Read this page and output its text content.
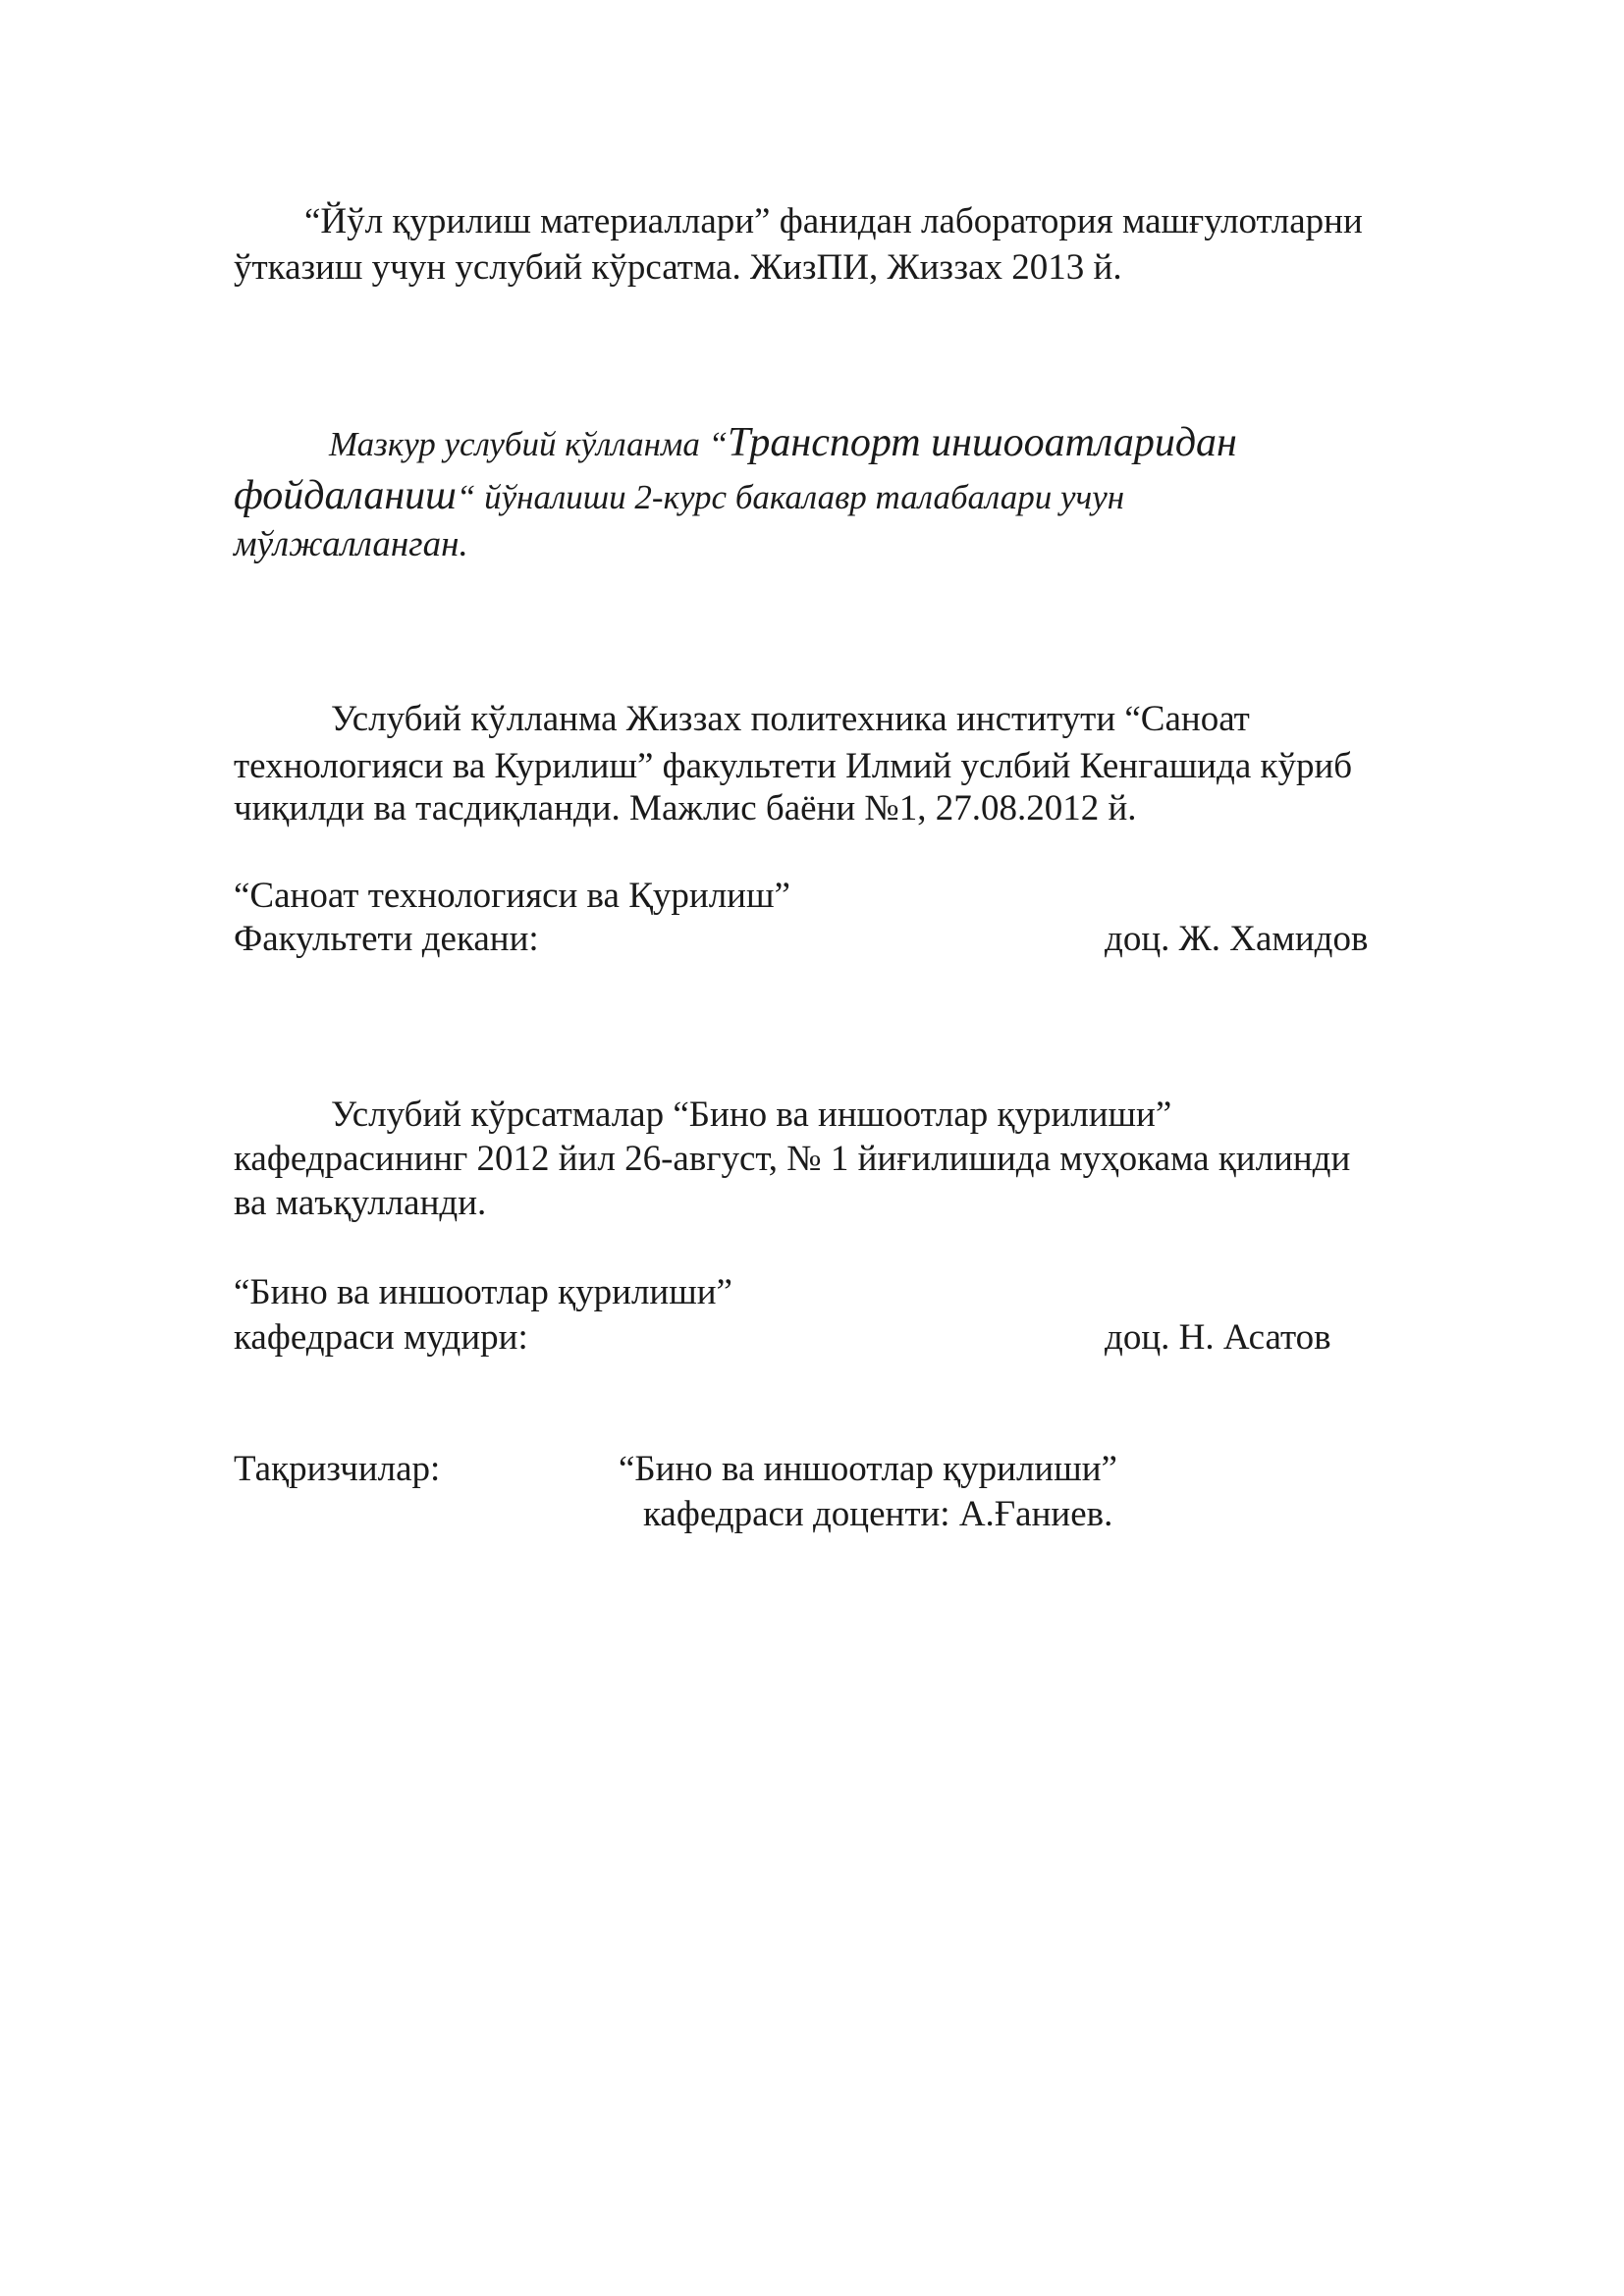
“Йўл қурилиш материаллари” фанидан лаборатория машғулотларни
ўтказиш учун услубий кўрсатма. ЖизПИ, Жиззах 2013 й.
Мазкур услубий кўлланма “Транспорт иншооатларидан
фойдаланиш“ йўналиши 2-курс бакалавр талабалари учун
мўлжалланган.
Услубий кўлланма Жиззах политехника институти “Саноат
технологияси ва Курилиш” факультети Илмий услбий Кенгашида кўриб
чиқилди ва тасдиқланди. Мажлис баёни №1, 27.08.2012 й.
“Саноат технологияси ва Қурилиш”
Факультети декани:	доц. Ж. Хамидов
Услубий кўрсатмалар “Бино ва иншоотлар қурилиши”
кафедрасининг 2012 йил 26-август, № 1 йиғилишида муҳокама қилинди
ва маъқулланди.
“Бино ва иншоотлар қурилиши”
кафедраси мудири:	доц. Н. Асатов
Тақризчилар:	“Бино ва иншоотлар қурилиши”
кафедраси доценти: А.Ғаниев.
